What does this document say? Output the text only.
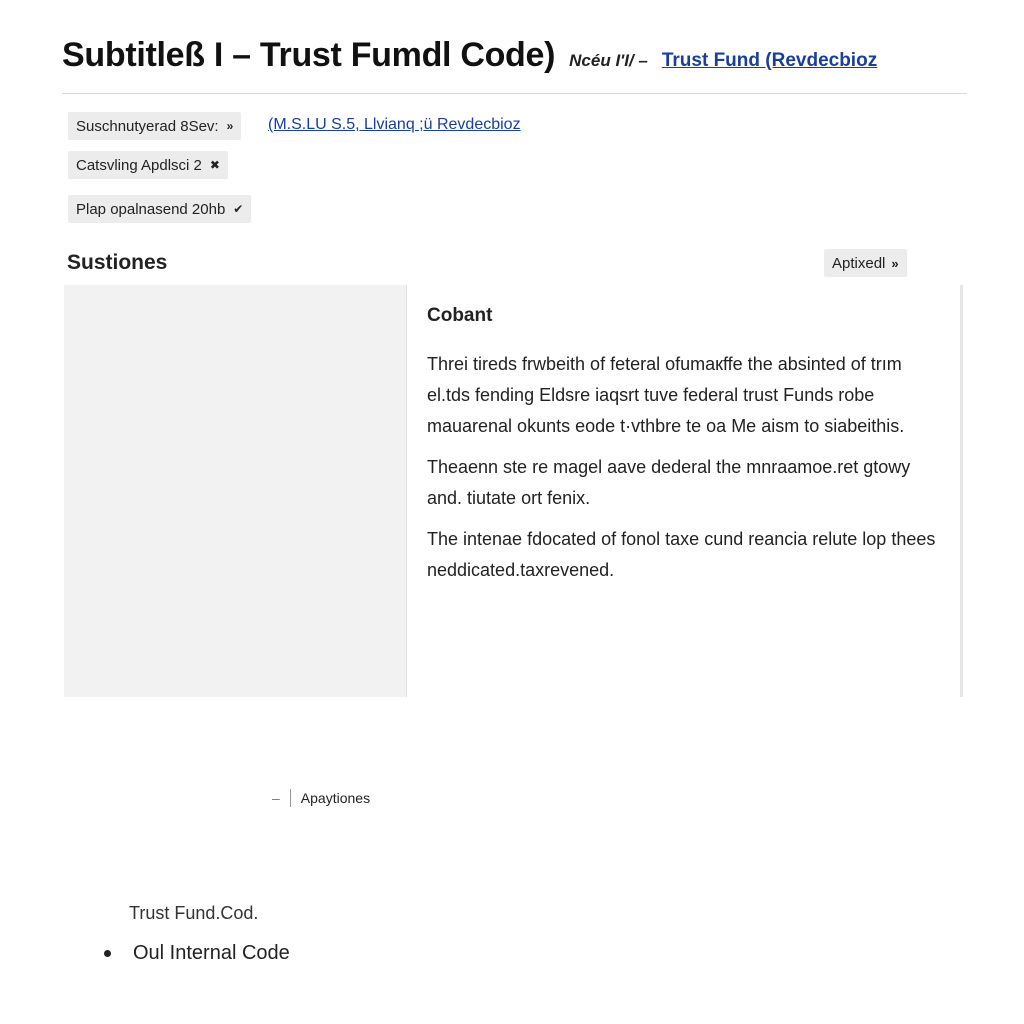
Subtitleß I – Trust Fumdl Code) Ncéu I'I/ – Trust Fund (Revdecbioz
Suschnutyerad 8Sev: » (M.S.LU S.5, Llvianq ;ü Revdecbioz
Catsvling Apdlsci 2 ✖
Plap opalnasend 20hb ✔
Sustiones	Aptixedl »
Cobant

Threi tireds frwbeith of feteral ofumaкffe the absinted of trım el.tds fending Eldsre iaqsrt tuve federal trust Funds robe mauarenal okunts eode t·vthbre te oa Me aism to siabeithis.

Theaenn ste re magel aave dederal the mnraamoe.ret gtowy and. tiutate ort fenix.

The intenae fdocated of fonol taxe cund reancia relute lop thees neddicated.taxrevened.

– Apaytiones
Trust Fund.Cod.
Oul Internal Code
